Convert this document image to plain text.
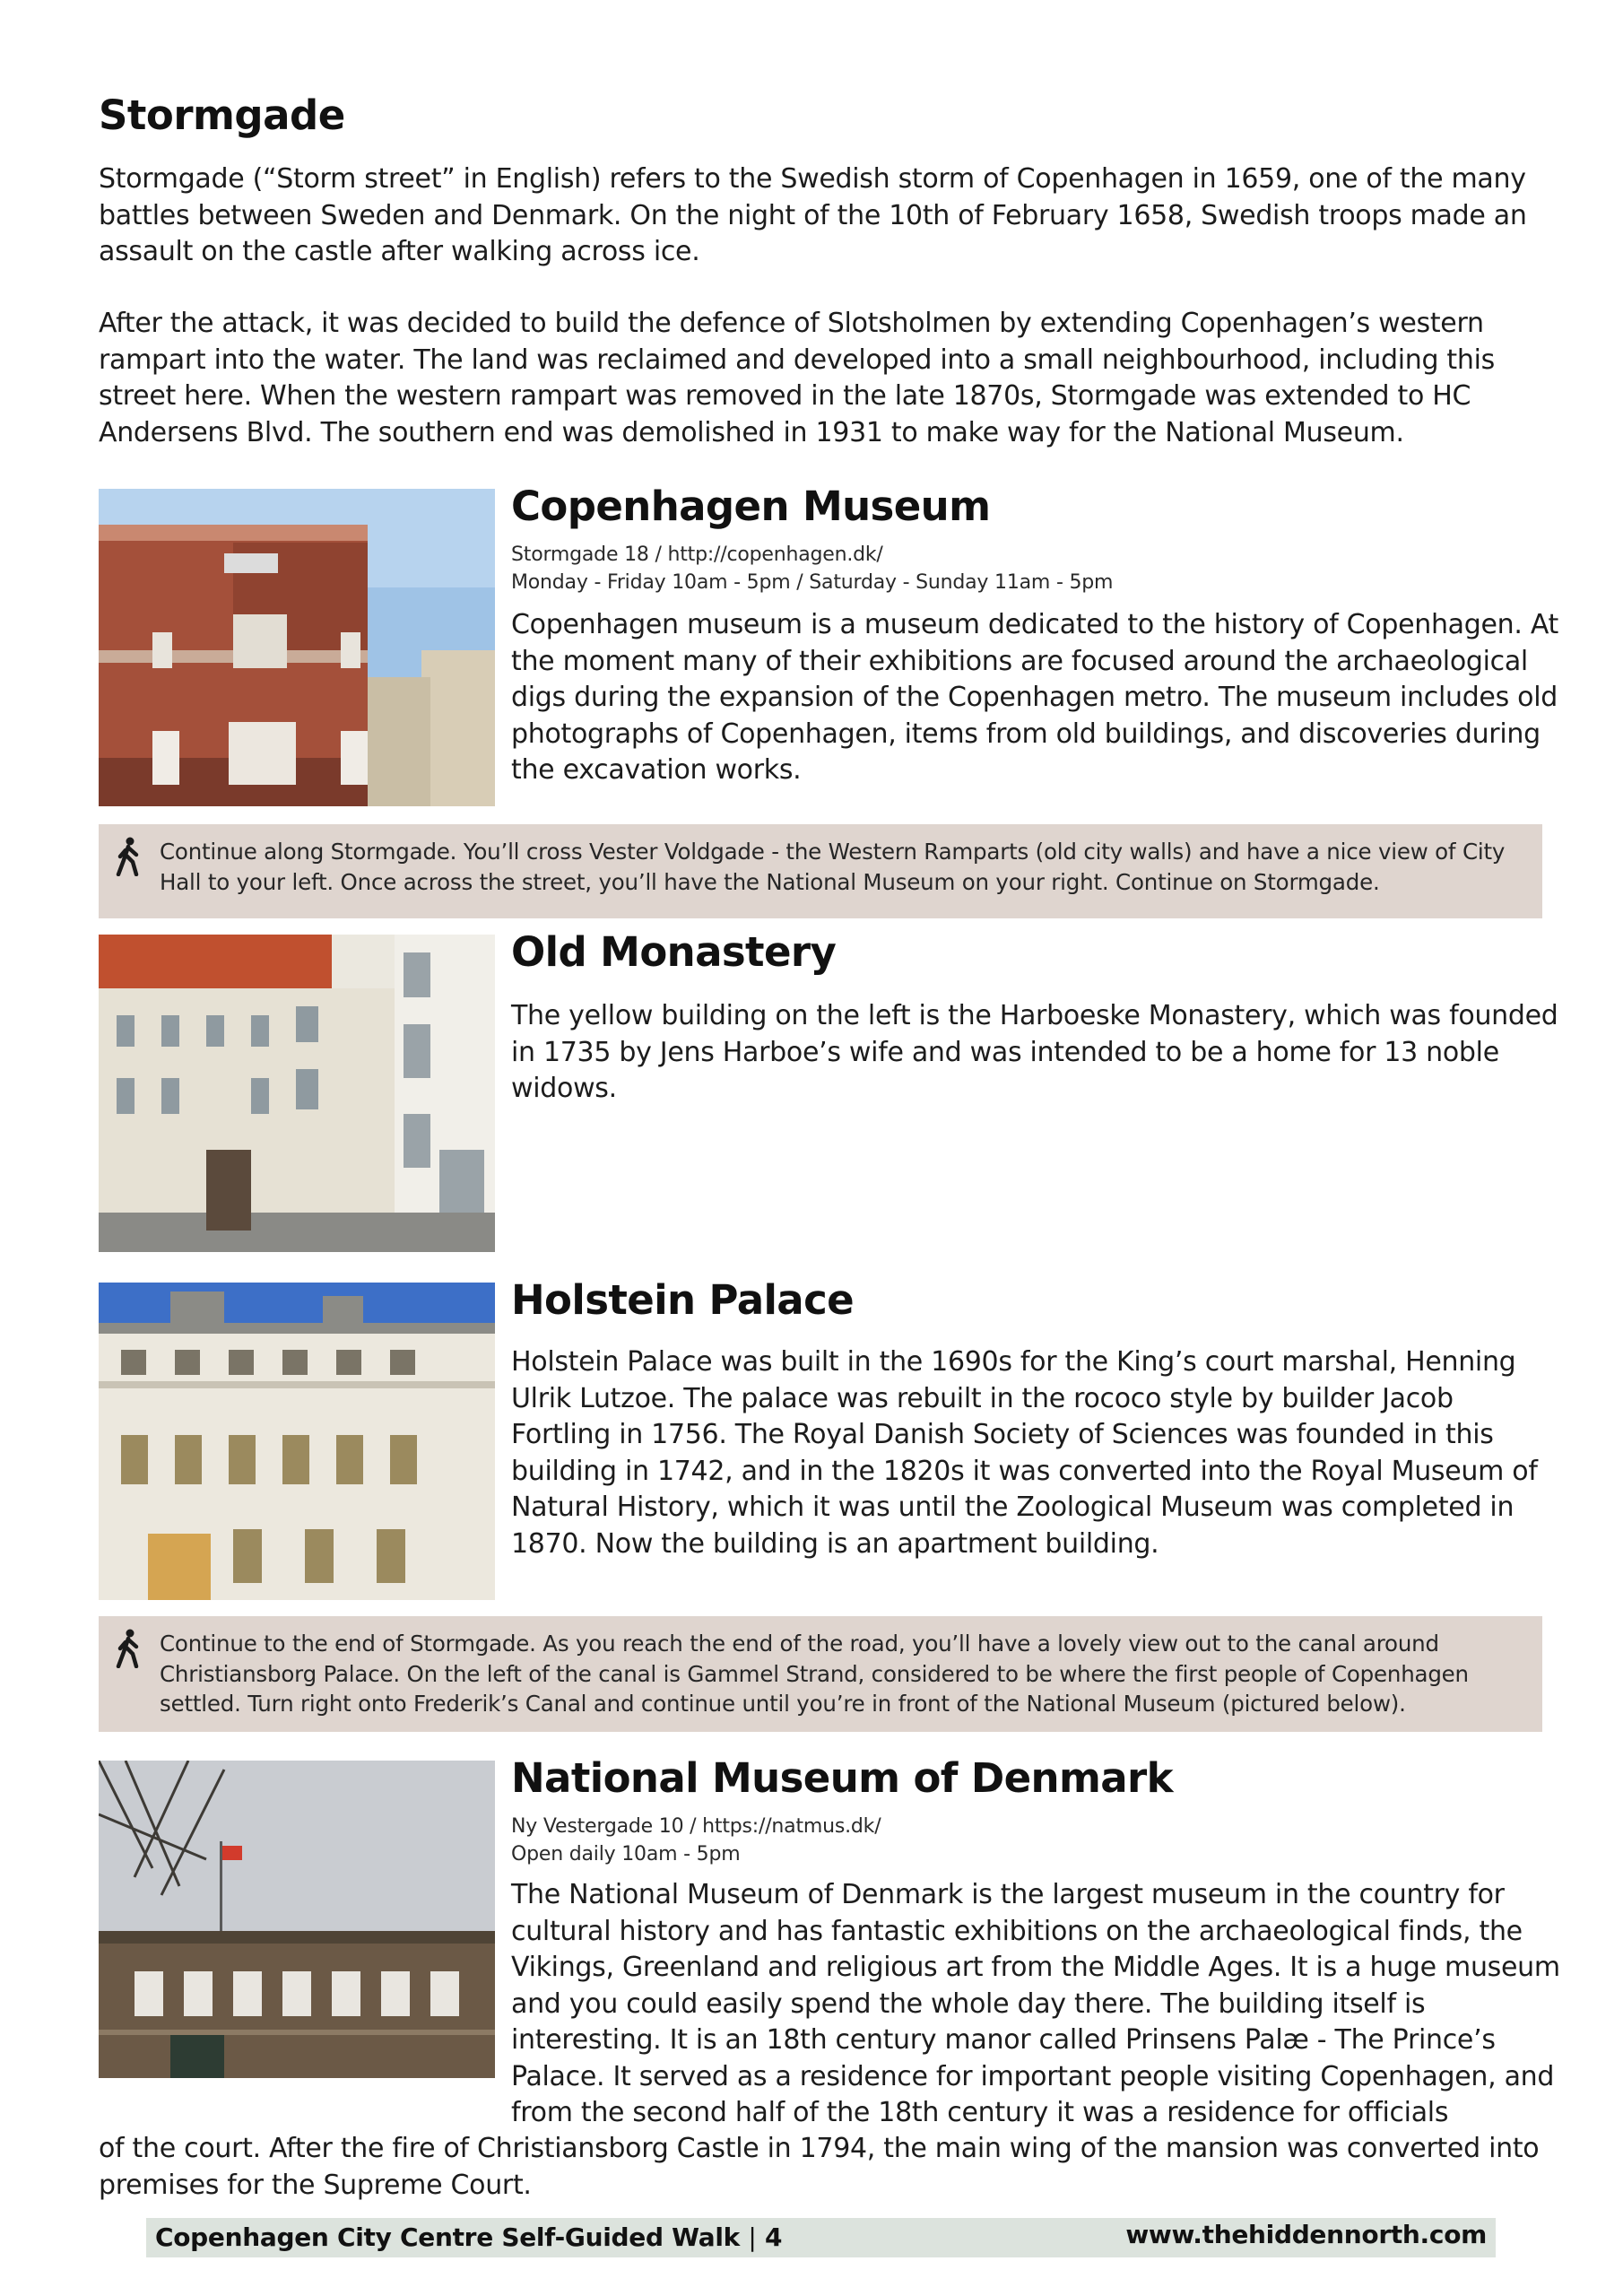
Stormgade

Stormgade (“Storm street” in English) refers to the Swedish storm of Copenhagen in 1659, one of the many battles between Sweden and Denmark. On the night of the 10th of February 1658, Swedish troops made an assault on the castle after walking across ice.

After the attack, it was decided to build the defence of Slotsholmen by extending Copenhagen’s western rampart into the water. The land was reclaimed and developed into a small neighbourhood, including this street here. When the western rampart was removed in the late 1870s, Stormgade was extended to HC Andersens Blvd. The southern end was demolished in 1931 to make way for the National Museum.

Copenhagen Museum
Stormgade 18 / http://copenhagen.dk/
Monday - Friday 10am - 5pm / Saturday - Sunday 11am - 5pm

Copenhagen museum is a museum dedicated to the history of Copenhagen. At the moment many of their exhibitions are focused around the archaeological digs during the expansion of the Copenhagen metro. The museum includes old photographs of Copenhagen, items from old buildings, and discoveries during the excavation works.

Continue along Stormgade. You’ll cross Vester Voldgade - the Western Ramparts (old city walls) and have a nice view of City Hall to your left. Once across the street, you’ll have the National Museum on your right. Continue on Stormgade.

Old Monastery

The yellow building on the left is the Harboeske Monastery, which was founded in 1735 by Jens Harboe’s wife and was intended to be a home for 13 noble widows.

Holstein Palace

Holstein Palace was built in the 1690s for the King’s court marshal, Henning Ulrik Lutzoe. The palace was rebuilt in the rococo style by builder Jacob Fortling in 1756. The Royal Danish Society of Sciences was founded in this building in 1742, and in the 1820s it was converted into the Royal Museum of Natural History, which it was until the Zoological Museum was completed in 1870. Now the building is an apartment building.

Continue to the end of Stormgade. As you reach the end of the road, you’ll have a lovely view out to the canal around Christiansborg Palace. On the left of the canal is Gammel Strand, considered to be where the first people of Copenhagen settled. Turn right onto Frederik’s Canal and continue until you’re in front of the National Museum (pictured below).

National Museum of Denmark
Ny Vestergade 10 / https://natmus.dk/
Open daily 10am - 5pm

The National Museum of Denmark is the largest museum in the country for cultural history and has fantastic exhibitions on the archaeological finds, the Vikings, Greenland and religious art from the Middle Ages. It is a huge museum and you could easily spend the whole day there. The building itself is interesting. It is an 18th century manor called Prinsens Palæ - The Prince’s Palace. It served as a residence for important people visiting Copenhagen, and from the second half of the 18th century it was a residence for officials

of the court. After the fire of Christiansborg Castle in 1794, the main wing of the mansion was converted into premises for the Supreme Court.

Copenhagen City Centre Self-Guided Walk | 4	www.thehiddennorth.com
